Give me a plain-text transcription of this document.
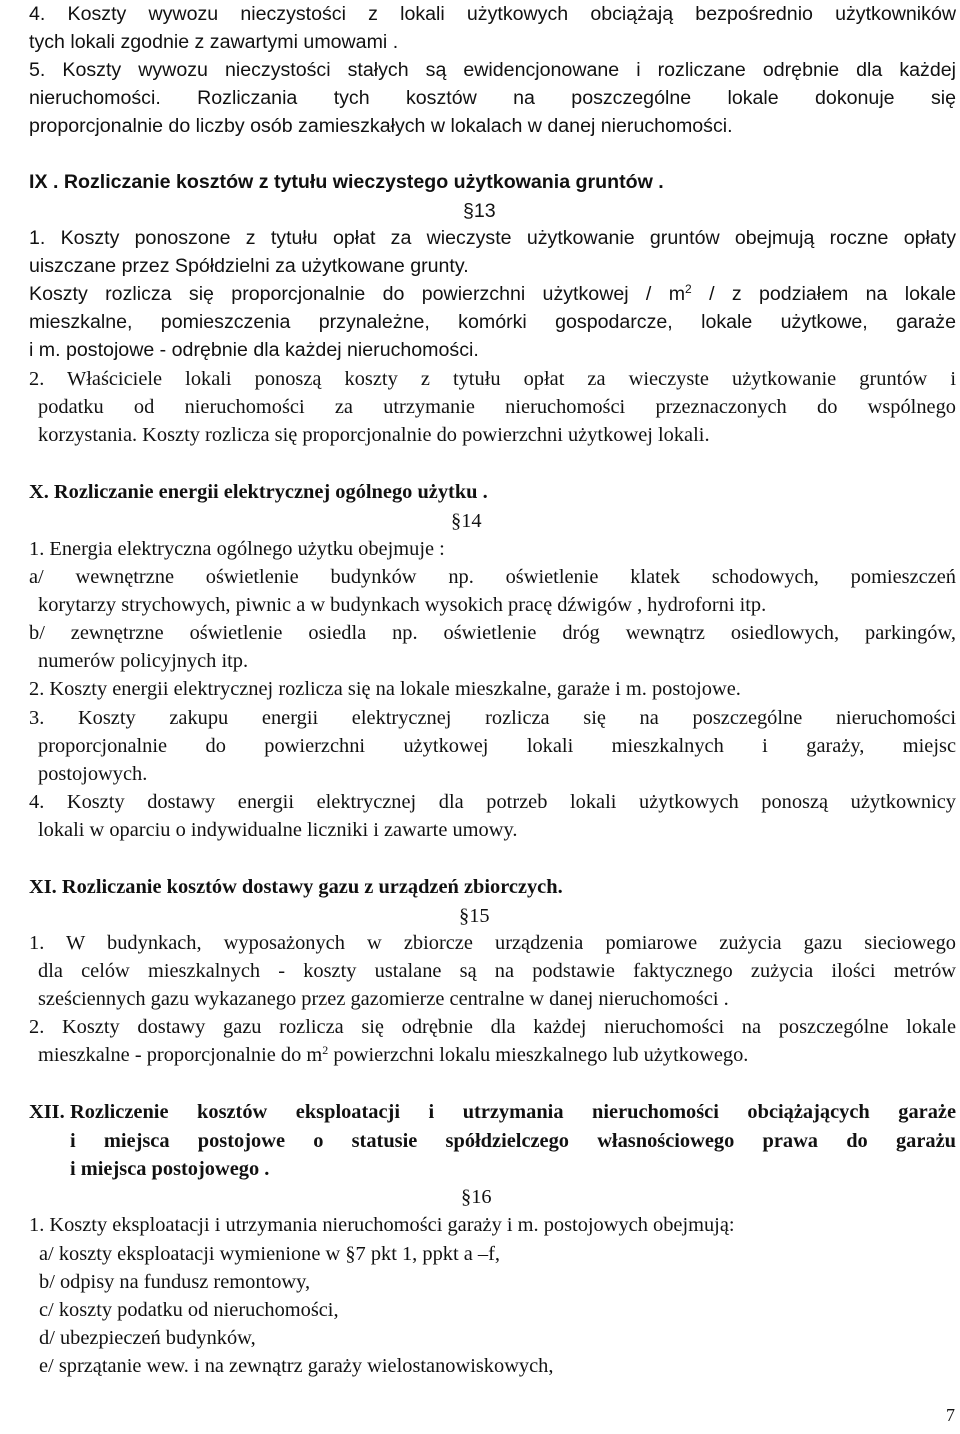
4. Koszty wywozu nieczystości z lokali użytkowych obciążają bezpośrednio użytkowników
tych lokali zgodnie z zawartymi umowami .
5. Koszty wywozu nieczystości stałych są ewidencjonowane i rozliczane odrębnie dla każdej
nieruchomości. Rozliczania tych kosztów na poszczególne lokale dokonuje się
proporcjonalnie do liczby osób zamieszkałych w lokalach w danej nieruchomości.
IX . Rozliczanie kosztów z tytułu wieczystego użytkowania gruntów .
§13
1. Koszty ponoszone z tytułu opłat za wieczyste użytkowanie gruntów obejmują roczne opłaty
uiszczane przez Spółdzielni za użytkowane grunty.
Koszty rozlicza się proporcjonalnie do powierzchni użytkowej / $m^2$ / z podziałem na lokale
mieszkalne, pomieszczenia przynależne, komórki gospodarcze, lokale użytkowe, garaże
i m. postojowe - odrębnie dla każdej nieruchomości.
2. Właściciele lokali ponoszą koszty z tytułu opłat za wieczyste użytkowanie gruntów i
podatku od nieruchomości za utrzymanie nieruchomości przeznaczonych do wspólnego
korzystania. Koszty rozlicza się proporcjonalnie do powierzchni użytkowej lokali.
X. Rozliczanie energii elektrycznej ogólnego użytku .
§14
1. Energia elektryczna ogólnego użytku obejmuje :
a/ wewnętrzne oświetlenie budynków np. oświetlenie klatek schodowych, pomieszczeń
korytarzy strychowych, piwnic a w budynkach wysokich pracę dźwigów , hydroforni itp.
b/ zewnętrzne oświetlenie osiedla np. oświetlenie dróg wewnątrz osiedlowych, parkingów,
numerów policyjnych itp.
2. Koszty energii elektrycznej rozlicza się na lokale mieszkalne, garaże i m. postojowe.
3. Koszty zakupu energii elektrycznej rozlicza się na poszczególne nieruchomości
proporcjonalnie do powierzchni użytkowej lokali mieszkalnych i garaży, miejsc
postojowych.
4. Koszty dostawy energii elektrycznej dla potrzeb lokali użytkowych ponoszą użytkownicy
lokali w oparciu o indywidualne liczniki i zawarte umowy.
XI. Rozliczanie kosztów dostawy gazu z urządzeń zbiorczych.
§15
1. W budynkach, wyposażonych w zbiorcze urządzenia pomiarowe zużycia gazu sieciowego
dla celów mieszkalnych - koszty ustalane są na podstawie faktycznego zużycia ilości metrów
sześciennych gazu wykazanego przez gazomierze centralne w danej nieruchomości .
2. Koszty dostawy gazu rozlicza się odrębnie dla każdej nieruchomości na poszczególne lokale
mieszkalne - proporcjonalnie do $m^2$ powierzchni lokalu mieszkalnego lub użytkowego.
XII. Rozliczenie kosztów eksploatacji i utrzymania nieruchomości obciążających garaże
i miejsca postojowe o statusie spółdzielczego własnościowego prawa do garażu
i miejsca postojowego .
§16
1. Koszty eksploatacji i utrzymania nieruchomości garaży i m. postojowych obejmują:
a/ koszty eksploatacji wymienione w §7 pkt 1, ppkt a –f,
b/ odpisy na fundusz remontowy,
c/ koszty podatku od nieruchomości,
d/ ubezpieczeń budynków,
e/ sprzątanie wew. i na zewnątrz garaży wielostanowiskowych,
7
